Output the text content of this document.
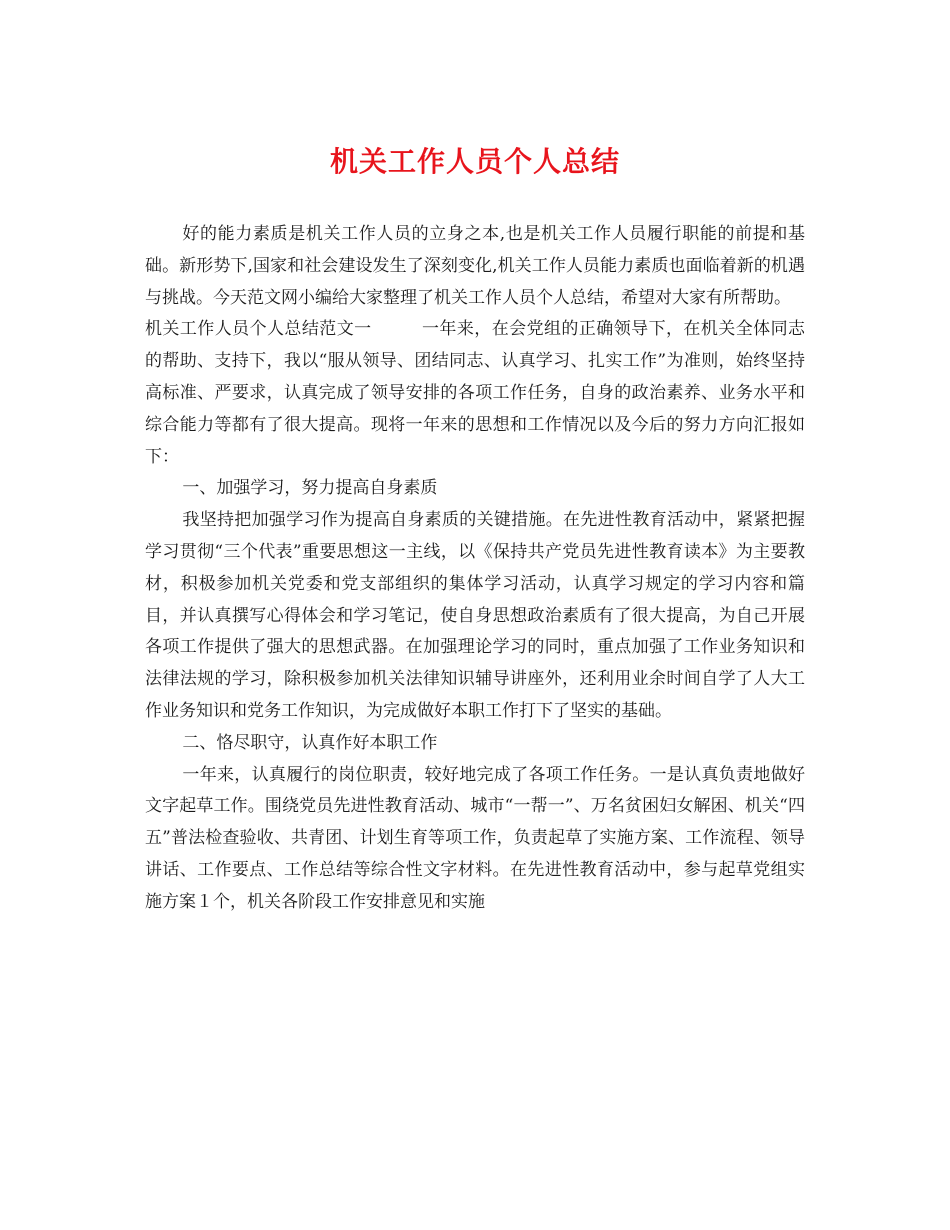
机关工作人员个人总结

好的能力素质是机关工作人员的立身之本,也是机关工作人员履行职能的前提和基础。新形势下,国家和社会建设发生了深刻变化,机关工作人员能力素质也面临着新的机遇与挑战。今天范文网小编给大家整理了机关工作人员个人总结，希望对大家有所帮助。

机关工作人员个人总结范文一	一年来，在会党组的正确领导下，在机关全体同志的帮助、支持下，我以“服从领导、团结同志、认真学习、扎实工作”为准则，始终坚持高标准、严要求，认真完成了领导安排的各项工作任务，自身的政治素养、业务水平和综合能力等都有了很大提高。现将一年来的思想和工作情况以及今后的努力方向汇报如下：

一、加强学习，努力提高自身素质

我坚持把加强学习作为提高自身素质的关键措施。在先进性教育活动中，紧紧把握学习贯彻“三个代表”重要思想这一主线，以《保持共产党员先进性教育读本》为主要教材，积极参加机关党委和党支部组织的集体学习活动，认真学习规定的学习内容和篇目，并认真撰写心得体会和学习笔记，使自身思想政治素质有了很大提高，为自己开展各项工作提供了强大的思想武器。在加强理论学习的同时，重点加强了工作业务知识和法律法规的学习，除积极参加机关法律知识辅导讲座外，还利用业余时间自学了人大工作业务知识和党务工作知识，为完成做好本职工作打下了坚实的基础。

二、恪尽职守，认真作好本职工作

一年来，认真履行的岗位职责，较好地完成了各项工作任务。一是认真负责地做好文字起草工作。围绕党员先进性教育活动、城市“一帮一”、万名贫困妇女解困、机关“四五”普法检查验收、共青团、计划生育等项工作，负责起草了实施方案、工作流程、领导讲话、工作要点、工作总结等综合性文字材料。在先进性教育活动中，参与起草党组实施方案１个，机关各阶段工作安排意见和实施
